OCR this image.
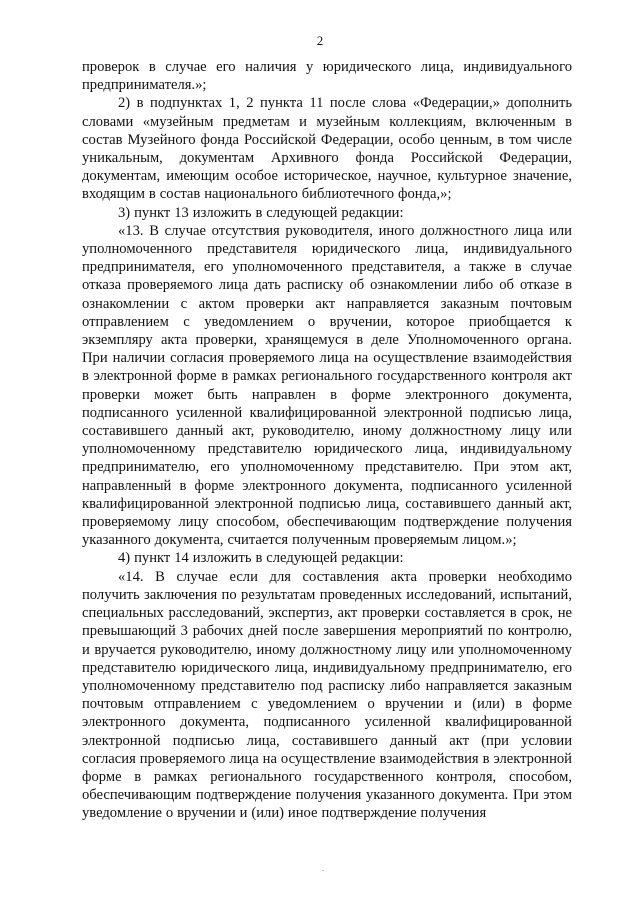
2

проверок в случае его наличия у юридического лица, индивидуального предпринимателя.»;

2) в подпунктах 1, 2 пункта 11 после слова «Федерации,» дополнить словами «музейным предметам и музейным коллекциям, включенным в состав Музейного фонда Российской Федерации, особо ценным, в том числе уникальным, документам Архивного фонда Российской Федерации, документам, имеющим особое историческое, научное, культурное значение, входящим в состав национального библиотечного фонда,»;

3) пункт 13 изложить в следующей редакции:

«13. В случае отсутствия руководителя, иного должностного лица или уполномоченного представителя юридического лица, индивидуального предпринимателя, его уполномоченного представителя, а также в случае отказа проверяемого лица дать расписку об ознакомлении либо об отказе в ознакомлении с актом проверки акт направляется заказным почтовым отправлением с уведомлением о вручении, которое приобщается к экземпляру акта проверки, хранящемуся в деле Уполномоченного органа. При наличии согласия проверяемого лица на осуществление взаимодействия в электронной форме в рамках регионального государственного контроля акт проверки может быть направлен в форме электронного документа, подписанного усиленной квалифицированной электронной подписью лица, составившего данный акт, руководителю, иному должностному лицу или уполномоченному представителю юридического лица, индивидуальному предпринимателю, его уполномоченному представителю. При этом акт, направленный в форме электронного документа, подписанного усиленной квалифицированной электронной подписью лица, составившего данный акт, проверяемому лицу способом, обеспечивающим подтверждение получения указанного документа, считается полученным проверяемым лицом.»;

4) пункт 14 изложить в следующей редакции:

«14. В случае если для составления акта проверки необходимо получить заключения по результатам проведенных исследований, испытаний, специальных расследований, экспертиз, акт проверки составляется в срок, не превышающий 3 рабочих дней после завершения мероприятий по контролю, и вручается руководителю, иному должностному лицу или уполномоченному представителю юридического лица, индивидуальному предпринимателю, его уполномоченному представителю под расписку либо направляется заказным почтовым отправлением с уведомлением о вручении и (или) в форме электронного документа, подписанного усиленной квалифицированной электронной подписью лица, составившего данный акт (при условии согласия проверяемого лица на осуществление взаимодействия в электронной форме в рамках регионального государственного контроля, способом, обеспечивающим подтверждение получения указанного документа. При этом уведомление о вручении и (или) иное подтверждение получения
